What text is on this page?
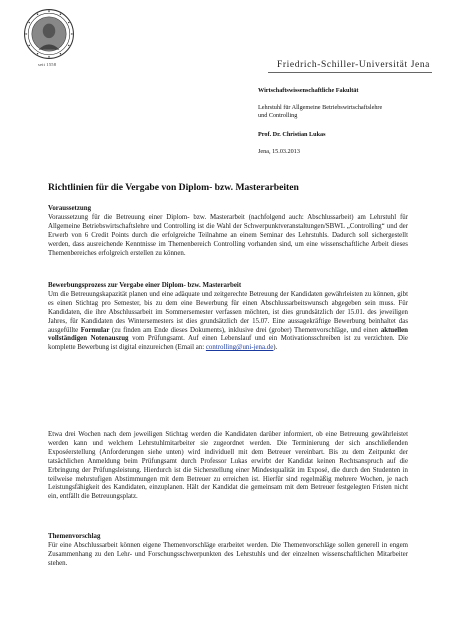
seit 1558	Friedrich-Schiller-Universität Jena
Wirtschaftswissenschaftliche Fakultät
Lehrstuhl für Allgemeine Betriebswirtschaftslehre
und Controlling
Prof. Dr. Christian Lukas
Jena, 15.03.2013
Richtlinien für die Vergabe von Diplom- bzw. Masterarbeiten
Voraussetzung

Voraussetzung für die Betreuung einer Diplom- bzw. Masterarbeit (nachfolgend auch: Abschlussarbeit) am Lehrstuhl für Allgemeine Betriebswirtschaftslehre und Controlling ist die Wahl der Schwerpunktveranstaltungen/SBWL „Controlling“ und der Erwerb von 6 Credit Points durch die erfolgreiche Teilnahme an einem Seminar des Lehrstuhls. Dadurch soll sichergestellt werden, dass ausreichende Kenntnisse im Themenbereich Controlling vorhanden sind, um eine wissenschaftliche Arbeit dieses Themenbereiches erfolgreich erstellen zu können.

Bewerbungsprozess zur Vergabe einer Diplom- bzw. Masterarbeit

Um die Betreuungskapazität planen und eine adäquate und zeitgerechte Betreuung der Kandidaten gewährleisten zu können, gibt es einen Stichtag pro Semester, bis zu dem eine Bewerbung für einen Abschlussarbeitswunsch abgegeben sein muss. Für Kandidaten, die ihre Abschlussarbeit im Sommersemester verfassen möchten, ist dies grundsätzlich der 15.01. des jeweiligen Jahres, für Kandidaten des Wintersemesters ist dies grundsätzlich der 15.07. Eine aussagekräftige Bewerbung beinhaltet das ausgefüllte Formular (zu finden am Ende dieses Dokuments), inklusive drei (grober) Themenvorschläge, und einen aktuellen vollständigen Notenauszug vom Prüfungsamt. Auf einen Lebenslauf und ein Motivationsschreiben ist zu verzichten. Die komplette Bewerbung ist digital einzureichen (Email an: controlling@uni-jena.de).

Etwa drei Wochen nach dem jeweiligen Stichtag werden die Kandidaten darüber informiert, ob eine Betreuung gewährleistet werden kann und welchem Lehrstuhlmitarbeiter sie zugeordnet werden. Die Terminierung der sich anschließenden Exposéerstellung (Anforderungen siehe unten) wird individuell mit dem Betreuer vereinbart. Bis zu dem Zeitpunkt der tatsächlichen Anmeldung beim Prüfungsamt durch Professor Lukas erwirbt der Kandidat keinen Rechtsanspruch auf die Erbringung der Prüfungsleistung. Hierdurch ist die Sicherstellung einer Mindestqualität im Exposé, die durch den Studenten in teilweise mehrstufigen Abstimmungen mit dem Betreuer zu erreichen ist. Hierfür sind regelmäßig mehrere Wochen, je nach Leistungsfähigkeit des Kandidaten, einzuplanen. Hält der Kandidat die gemeinsam mit dem Betreuer festgelegten Fristen nicht ein, entfällt die Betreuungsplatz.

Themenvorschlag

Für eine Abschlussarbeit können eigene Themenvorschläge erarbeitet werden. Die Themenvorschläge sollen generell in engem Zusammenhang zu den Lehr- und Forschungsschwerpunkten des Lehrstuhls und der einzelnen wissenschaftlichen Mitarbeiter stehen.
